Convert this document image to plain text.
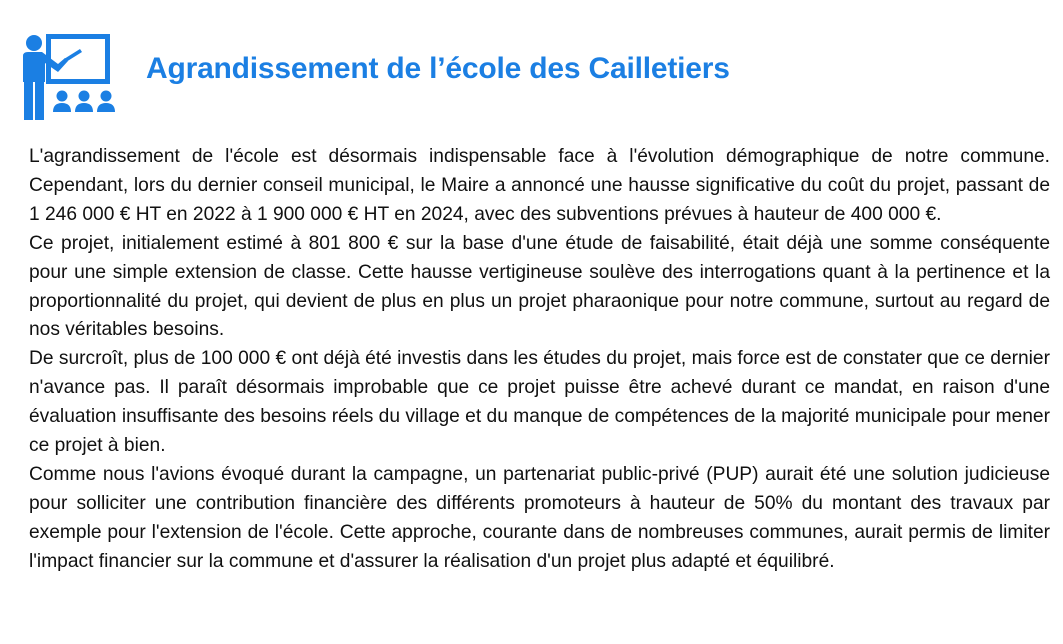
Agrandissement de l’école des Cailletiers

L'agrandissement de l'école est désormais indispensable face à l'évolution démographique de notre commune. Cependant, lors du dernier conseil municipal, le Maire a annoncé une hausse significative du coût du projet, passant de 1 246 000 € HT en 2022 à 1 900 000 € HT en 2024, avec des subventions prévues à hauteur de 400 000 €.

Ce projet, initialement estimé à 801 800 € sur la base d'une étude de faisabilité, était déjà une somme conséquente pour une simple extension de classe. Cette hausse vertigineuse soulève des interrogations quant à la pertinence et la proportionnalité du projet, qui devient de plus en plus un projet pharaonique pour notre commune, surtout au regard de nos véritables besoins.

De surcroît, plus de 100 000 € ont déjà été investis dans les études du projet, mais force est de constater que ce dernier n'avance pas. Il paraît désormais improbable que ce projet puisse être achevé durant ce mandat, en raison d'une évaluation insuffisante des besoins réels du village et du manque de compétences de la majorité municipale pour mener ce projet à bien.

Comme nous l'avions évoqué durant la campagne, un partenariat public-privé (PUP) aurait été une solution judicieuse pour solliciter une contribution financière des différents promoteurs à hauteur de 50% du montant des travaux par exemple pour l'extension de l'école. Cette approche, courante dans de nombreuses communes, aurait permis de limiter l'impact financier sur la commune et d'assurer la réalisation d'un projet plus adapté et équilibré.
